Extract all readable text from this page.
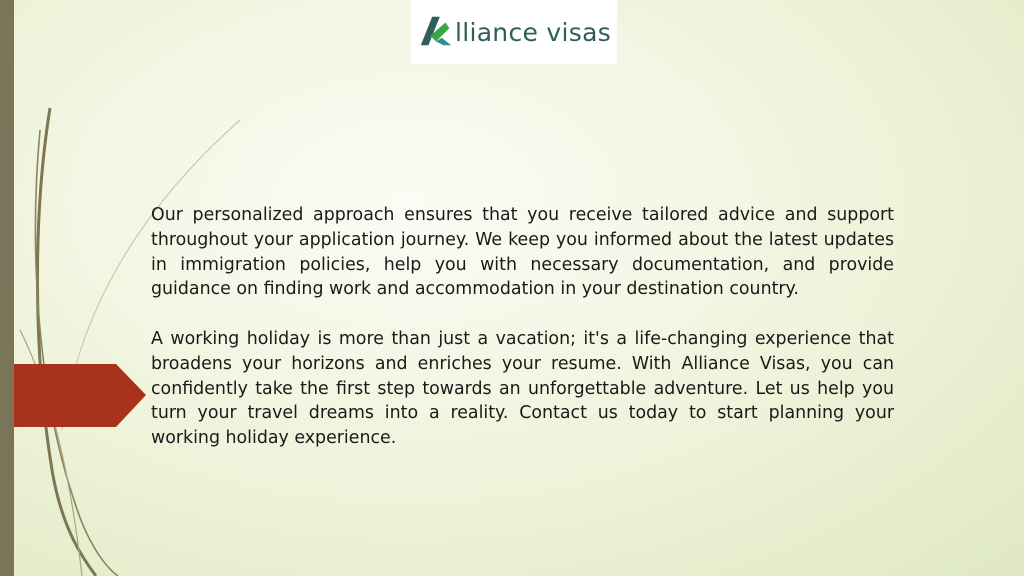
lliance visas

Our personalized approach ensures that you receive tailored advice and support throughout your application journey. We keep you informed about the latest updates in immigration policies, help you with necessary documentation, and provide guidance on finding work and accommodation in your destination country.

A working holiday is more than just a vacation; it's a life-changing experience that broadens your horizons and enriches your resume. With Alliance Visas, you can confidently take the first step towards an unforgettable adventure. Let us help you turn your travel dreams into a reality. Contact us today to start planning your working holiday experience.
